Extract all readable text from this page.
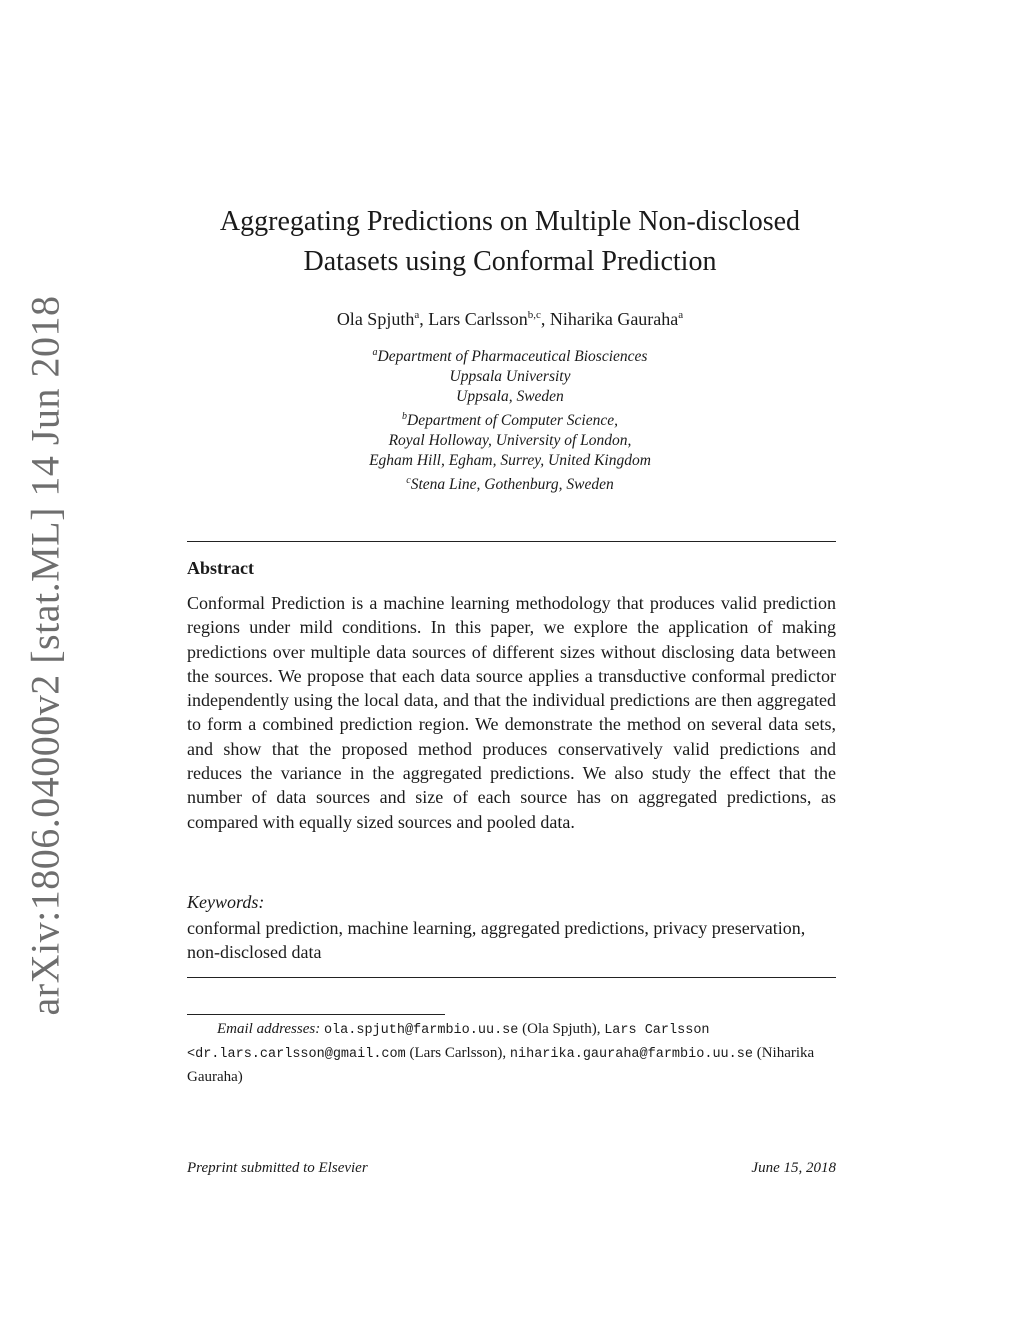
arXiv:1806.04000v2 [stat.ML] 14 Jun 2018
Aggregating Predictions on Multiple Non-disclosed
Datasets using Conformal Prediction
Ola Spjuth$^a$, Lars Carlsson$^{b,c}$, Niharika Gauraha$^a$
$^a$Department of Pharmaceutical Biosciences
Uppsala University
Uppsala, Sweden
$^b$Department of Computer Science,
Royal Holloway, University of London,
Egham Hill, Egham, Surrey, United Kingdom
$^c$Stena Line, Gothenburg, Sweden
Abstract
Conformal Prediction is a machine learning methodology that produces valid prediction regions under mild conditions. In this paper, we explore the application of making predictions over multiple data sources of different sizes without disclosing data between the sources. We propose that each data source applies a transductive conformal predictor independently using the local data, and that the individual predictions are then aggregated to form a combined prediction region. We demonstrate the method on several data sets, and show that the proposed method produces conservatively valid predictions and reduces the variance in the aggregated predictions. We also study the effect that the number of data sources and size of each source has on aggregated predictions, as compared with equally sized sources and pooled data.
Keywords:
conformal prediction, machine learning, aggregated predictions, privacy preservation, non-disclosed data
Email addresses: ola.spjuth@farmbio.uu.se (Ola Spjuth), Lars Carlsson <dr.lars.carlsson@gmail.com (Lars Carlsson), niharika.gauraha@farmbio.uu.se (Niharika Gauraha)
Preprint submitted to Elsevier	June 15, 2018
